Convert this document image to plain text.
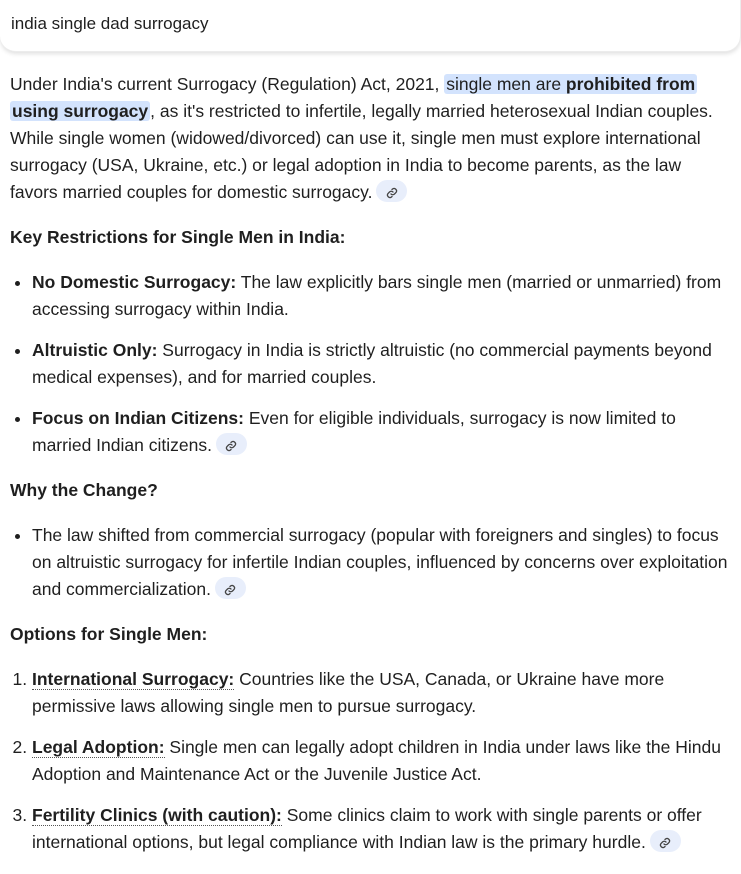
india single dad surrogacy

Under India's current Surrogacy (Regulation) Act, 2021, single men are prohibited from
using surrogacy , as it's restricted to infertile, legally married heterosexual Indian couples. While single women (widowed/divorced) can use it, single men must explore international surrogacy (USA, Ukraine, etc.) or legal adoption in India to become parents, as the law favors married couples for domestic surrogacy.

Key Restrictions for Single Men in India:
• No Domestic Surrogacy: The law explicitly bars single men (married or unmarried) from accessing surrogacy within India.
• Altruistic Only: Surrogacy in India is strictly altruistic (no commercial payments beyond medical expenses), and for married couples.
• Focus on Indian Citizens: Even for eligible individuals, surrogacy is now limited to married Indian citizens.
Why the Change?
• The law shifted from commercial surrogacy (popular with foreigners and singles) to focus on altruistic surrogacy for infertile Indian couples, influenced by concerns over exploitation and commercialization.
Options for Single Men:
1. International Surrogacy: Countries like the USA, Canada, or Ukraine have more permissive laws allowing single men to pursue surrogacy.
2. Legal Adoption: Single men can legally adopt children in India under laws like the Hindu Adoption and Maintenance Act or the Juvenile Justice Act.
3. Fertility Clinics (with caution): Some clinics claim to work with single parents or offer international options, but legal compliance with Indian law is the primary hurdle.
